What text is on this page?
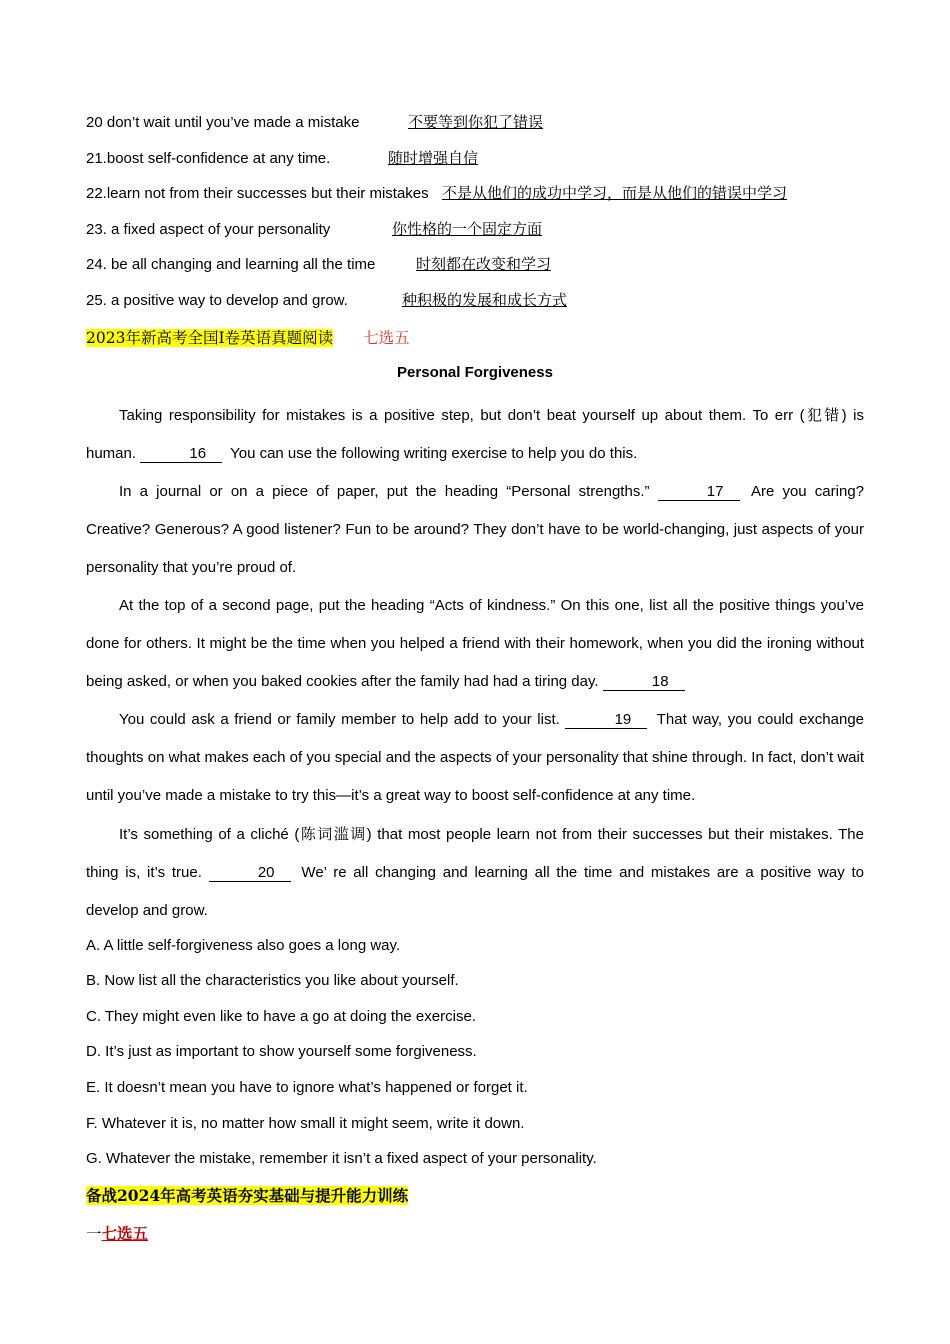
20 don’t wait until you’ve made a mistake	不要等到你犯了错误
21.boost self-confidence at any time.	随时增强自信
22.learn not from their successes but their mistakes 不是从他们的成功中学习，而是从他们的错误中学习
23. a fixed aspect of your personality	你性格的一个固定方面
24. be all changing and learning all the time	时刻都在改变和学习
25. a positive way to develop and grow.	种积极的发展和成长方式
2023年新高考全国Ⅰ卷英语真题阅读 七选五
Personal Forgiveness

Taking responsibility for mistakes is a positive step, but don’t beat yourself up about them. To err (犯错) is human.	16 You can use the following writing exercise to help you do this.

In a journal or on a piece of paper, put the heading “Personal strengths.”	17 Are you caring? Creative? Generous? A good listener? Fun to be around? They don’t have to be world-changing, just aspects of your personality that you’re proud of.

At the top of a second page, put the heading “Acts of kindness.” On this one, list all the positive things you’ve done for others. It might be the time when you helped a friend with their homework, when you did the ironing without being asked, or when you baked cookies after the family had had a tiring day.	18

You could ask a friend or family member to help add to your list.	19 That way, you could exchange thoughts on what makes each of you special and the aspects of your personality that shine through. In fact, don’t wait until you’ve made a mistake to try this—it’s a great way to boost self-confidence at any time.

It’s something of a cliché (陈词滥调) that most people learn not from their successes but their mistakes. The thing is, it’s true.	20 We’ re all changing and learning all the time and mistakes are a positive way to develop and grow.

A. A little self-forgiveness also goes a long way.
B. Now list all the characteristics you like about yourself.
C. They might even like to have a go at doing the exercise.
D. It’s just as important to show yourself some forgiveness.
E. It doesn’t mean you have to ignore what’s happened or forget it.
F. Whatever it is, no matter how small it might seem, write it down.
G. Whatever the mistake, remember it isn’t a fixed aspect of your personality.
备战2024年高考英语夯实基础与提升能力训练
一七选五
